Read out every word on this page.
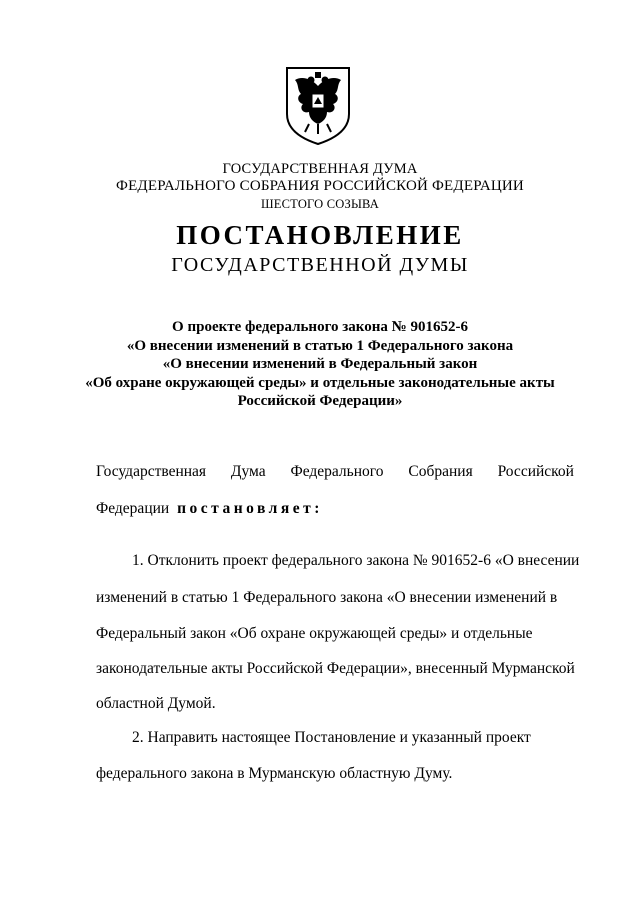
ГОСУДАРСТВЕННАЯ ДУМА
ФЕДЕРАЛЬНОГО СОБРАНИЯ РОССИЙСКОЙ ФЕДЕРАЦИИ
ШЕСТОГО СОЗЫВА
ПОСТАНОВЛЕНИЕ
ГОСУДАРСТВЕННОЙ ДУМЫ
О проекте федерального закона № 901652-6
«О внесении изменений в статью 1 Федерального закона
«О внесении изменений в Федеральный закон
«Об охране окружающей среды» и отдельные законодательные акты
Российской Федерации»
Государственная Дума Федерального Собрания Российской
Федерации постановляет:
1. Отклонить проект федерального закона № 901652-6 «О внесении
изменений в статью 1 Федерального закона «О внесении изменений в
Федеральный закон «Об охране окружающей среды» и отдельные
законодательные акты Российской Федерации», внесенный Мурманской
областной Думой.
2. Направить настоящее Постановление и указанный проект
федерального закона в Мурманскую областную Думу.
